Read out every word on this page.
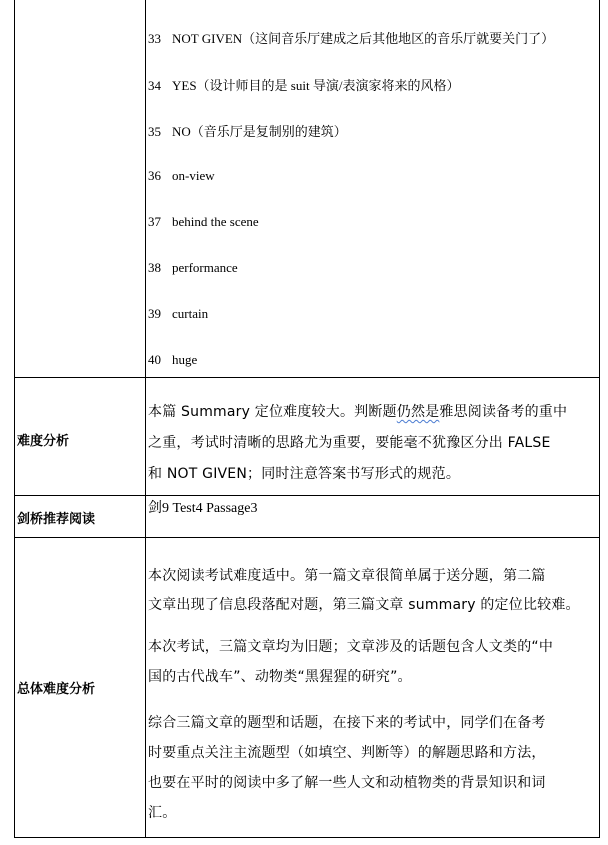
33 NOT GIVEN（这间音乐厅建成之后其他地区的音乐厅就要关门了）
34 YES（设计师目的是 suit 导演/表演家将来的风格）
35 NO（音乐厅是复制别的建筑）
36 on-view
37 behind the scene
38 performance
39 curtain
40 huge
难度分析
本篇 Summary 定位难度较大。判断题仍然是雅思阅读备考的重中
之重，考试时清晰的思路尤为重要，要能毫不犹豫区分出 FALSE
和 NOT GIVEN；同时注意答案书写形式的规范。
剑桥推荐阅读
剑9 Test4 Passage3
总体难度分析
本次阅读考试难度适中。第一篇文章很简单属于送分题，第二篇
文章出现了信息段落配对题，第三篇文章 summary 的定位比较难。
本次考试，三篇文章均为旧题；文章涉及的话题包含人文类的“中
国的古代战车”、动物类“黑猩猩的研究”。
综合三篇文章的题型和话题，在接下来的考试中，同学们在备考
时要重点关注主流题型（如填空、判断等）的解题思路和方法，
也要在平时的阅读中多了解一些人文和动植物类的背景知识和词
汇。
